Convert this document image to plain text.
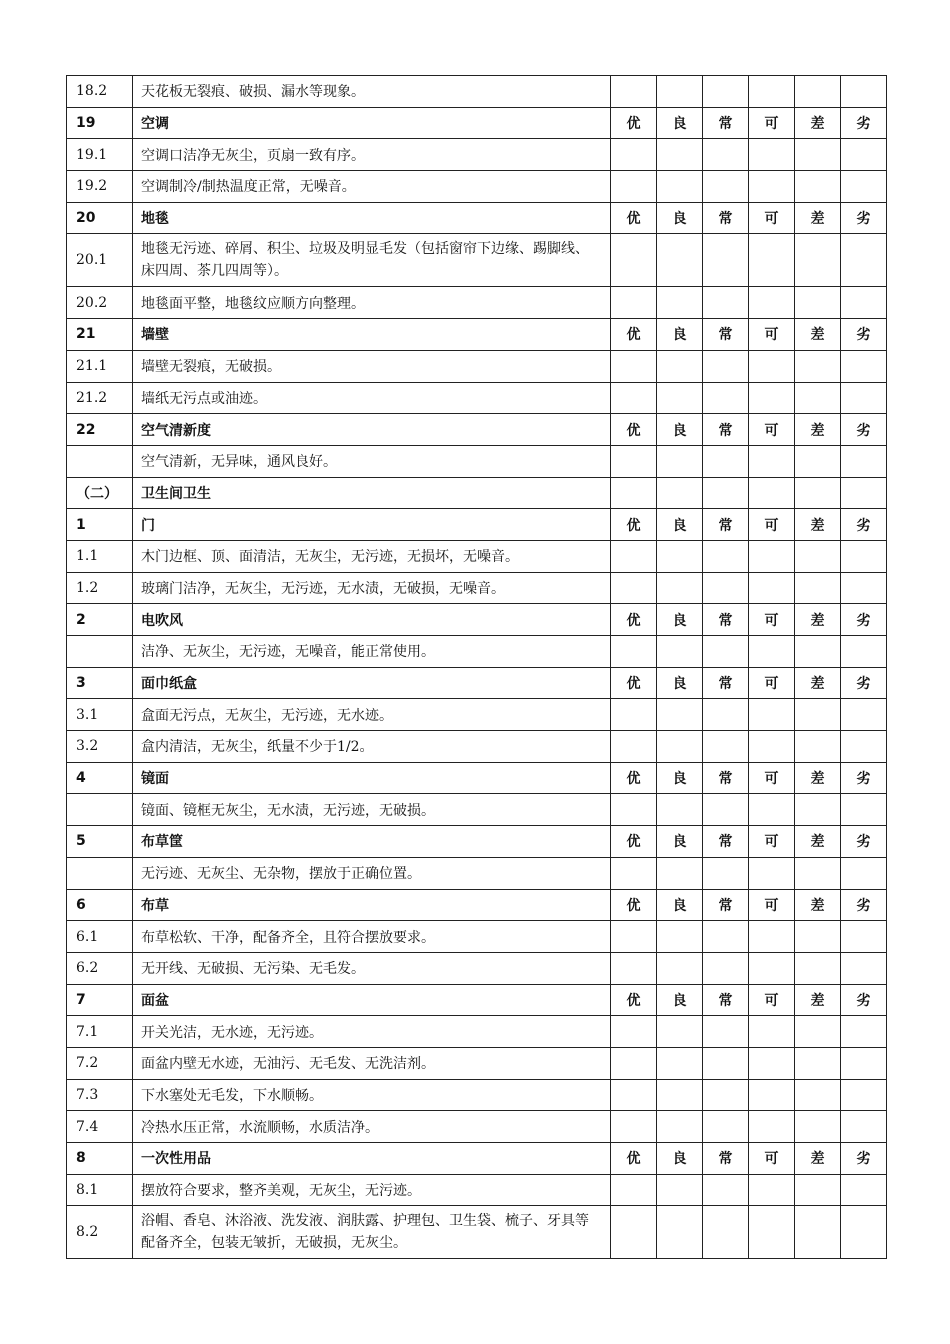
18.2	天花板无裂痕、破损、漏水等现象。						
19	空调	优	良	常	可	差	劣
19.1	空调口洁净无灰尘，页扇一致有序。						
19.2	空调制冷/制热温度正常，无噪音。						
20	地毯	优	良	常	可	差	劣
20.1	地毯无污迹、碎屑、积尘、垃圾及明显毛发（包括窗帘下边缘、踢脚线、床四周、茶几四周等）。						
20.2	地毯面平整，地毯纹应顺方向整理。						
21	墙壁	优	良	常	可	差	劣
21.1	墙壁无裂痕，无破损。						
21.2	墙纸无污点或油迹。						
22	空气清新度	优	良	常	可	差	劣
	空气清新，无异味，通风良好。						
（二）	卫生间卫生						
1	门	优	良	常	可	差	劣
1.1	木门边框、顶、面清洁，无灰尘，无污迹，无损坏，无噪音。						
1.2	玻璃门洁净，无灰尘，无污迹，无水渍，无破损，无噪音。						
2	电吹风	优	良	常	可	差	劣
	洁净、无灰尘，无污迹，无噪音，能正常使用。						
3	面巾纸盒	优	良	常	可	差	劣
3.1	盒面无污点，无灰尘，无污迹，无水迹。						
3.2	盒内清洁，无灰尘，纸量不少于1/2。						
4	镜面	优	良	常	可	差	劣
	镜面、镜框无灰尘，无水渍，无污迹，无破损。						
5	布草筐	优	良	常	可	差	劣
	无污迹、无灰尘、无杂物，摆放于正确位置。						
6	布草	优	良	常	可	差	劣
6.1	布草松软、干净，配备齐全，且符合摆放要求。						
6.2	无开线、无破损、无污染、无毛发。						
7	面盆	优	良	常	可	差	劣
7.1	开关光洁，无水迹，无污迹。						
7.2	面盆内壁无水迹，无油污、无毛发、无洗洁剂。						
7.3	下水塞处无毛发，下水顺畅。						
7.4	冷热水压正常，水流顺畅，水质洁净。						
8	一次性用品	优	良	常	可	差	劣
8.1	摆放符合要求，整齐美观，无灰尘，无污迹。						
8.2	浴帽、香皂、沐浴液、洗发液、润肤露、护理包、卫生袋、梳子、牙具等配备齐全，包装无皱折，无破损，无灰尘。						
